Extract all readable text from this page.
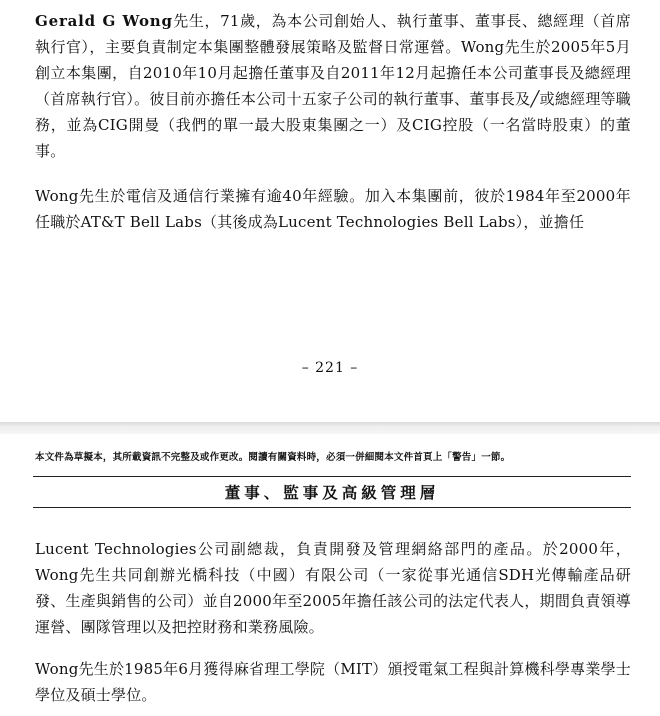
Gerald G Wong先生，71歲，為本公司創始人、執行董事、董事長、總經理（首席執行官），主要負責制定本集團整體發展策略及監督日常運營。Wong先生於2005年5月創立本集團，自2010年10月起擔任董事及自2011年12月起擔任本公司董事長及總經理（首席執行官）。彼目前亦擔任本公司十五家子公司的執行董事、董事長及╱或總經理等職務，並為CIG開曼（我們的單一最大股東集團之一）及CIG控股（一名當時股東）的董事。

Wong先生於電信及通信行業擁有逾40年經驗。加入本集團前，彼於1984年至2000年任職於AT&T Bell Labs（其後成為Lucent Technologies Bell Labs），並擔任

– 221 –
本文件為草擬本，其所載資訊不完整及或作更改。閱讀有關資料時，必須一併細閱本文件首頁上「警告」一節。
董事、監事及高級管理層

Lucent Technologies公司副總裁，負責開發及管理網絡部門的產品。於2000年，Wong先生共同創辦光橋科技（中國）有限公司（一家從事光通信SDH光傳輸產品研發、生產與銷售的公司）並自2000年至2005年擔任該公司的法定代表人，期間負責領導運營、團隊管理以及把控財務和業務風險。

Wong先生於1985年6月獲得麻省理工學院（MIT）頒授電氣工程與計算機科學專業學士學位及碩士學位。
